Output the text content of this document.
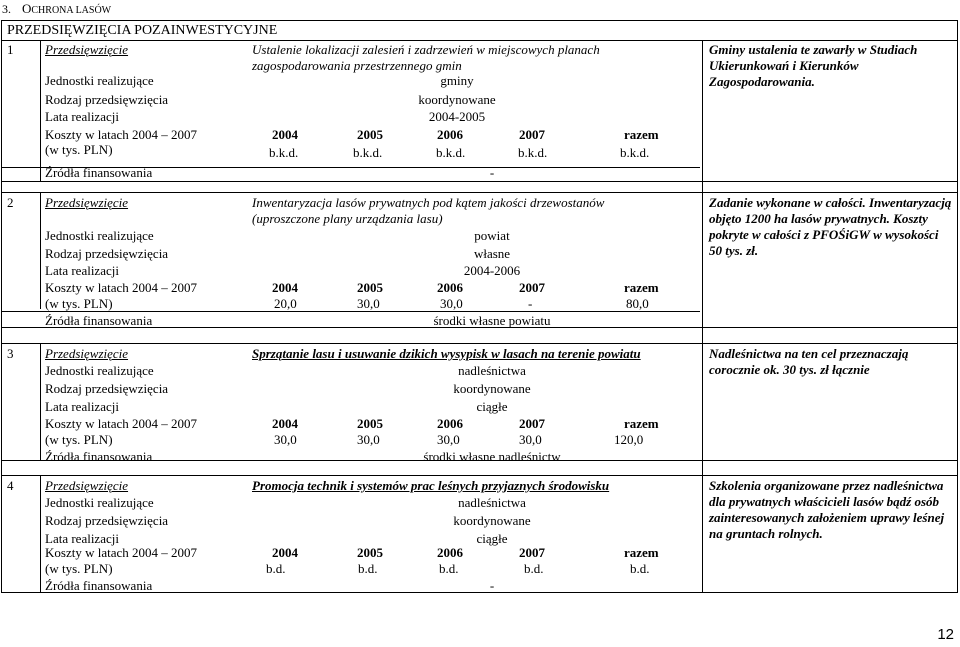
3. OCHRONA LASÓW
PRZEDSIĘWZIĘCIA POZAINWESTYCYJNE
1 Przedsięwzięcie	Ustalenie lokalizacji zalesień i zadrzewień w miejscowych planach
zagospodarowania przestrzennego gmin
Jednostki realizujące	gminy
Rodzaj przedsięwzięcia	koordynowane
Lata realizacji	2004-2005
Koszty w latach 2004 – 2007
(w tys. PLN)
2004	2005	2006	2007	razem
b.k.d.	b.k.d.	b.k.d.	b.k.d.	b.k.d.
Źródła finansowania	-
Gminy ustalenia te zawarły w Studiach Ukierunkowań i Kierunków Zagospodarowania.
2 Przedsięwzięcie	Inwentaryzacja lasów prywatnych pod kątem jakości drzewostanów
(uproszczone plany urządzania lasu)
Jednostki realizujące	powiat
Rodzaj przedsięwzięcia	własne
Lata realizacji	2004-2006
Koszty w latach 2004 – 2007
(w tys. PLN)
2004	2005	2006	2007	razem
20,0	30,0	30,0	-	80,0
Źródła finansowania	środki własne powiatu
Zadanie wykonane w całości. Inwentaryzacją objęto 1200 ha lasów prywatnych. Koszty pokryte w całości z PFOŚiGW w wysokości 50 tys. zł.
3 Przedsięwzięcie	Sprzątanie lasu i usuwanie dzikich wysypisk w lasach na terenie powiatu
Jednostki realizujące	nadleśnictwa
Rodzaj przedsięwzięcia	koordynowane
Lata realizacji	ciągłe
Koszty w latach 2004 – 2007
(w tys. PLN)
2004	2005	2006	2007	razem
30,0	30,0	30,0	30,0	120,0
Źródła finansowania	środki własne nadleśnictw
Nadleśnictwa na ten cel przeznaczają corocznie ok. 30 tys. zł łącznie
4 Przedsięwzięcie	Promocja technik i systemów prac leśnych przyjaznych środowisku
Jednostki realizujące	nadleśnictwa
Rodzaj przedsięwzięcia	koordynowane
Lata realizacji	ciągłe
Koszty w latach 2004 – 2007
(w tys. PLN)
2004	2005	2006	2007	razem
b.d.	b.d.	b.d.	b.d.	b.d.
Źródła finansowania	-
Szkolenia organizowane przez nadleśnictwa dla prywatnych właścicieli lasów bądź osób zainteresowanych założeniem uprawy leśnej na gruntach rolnych.
12
